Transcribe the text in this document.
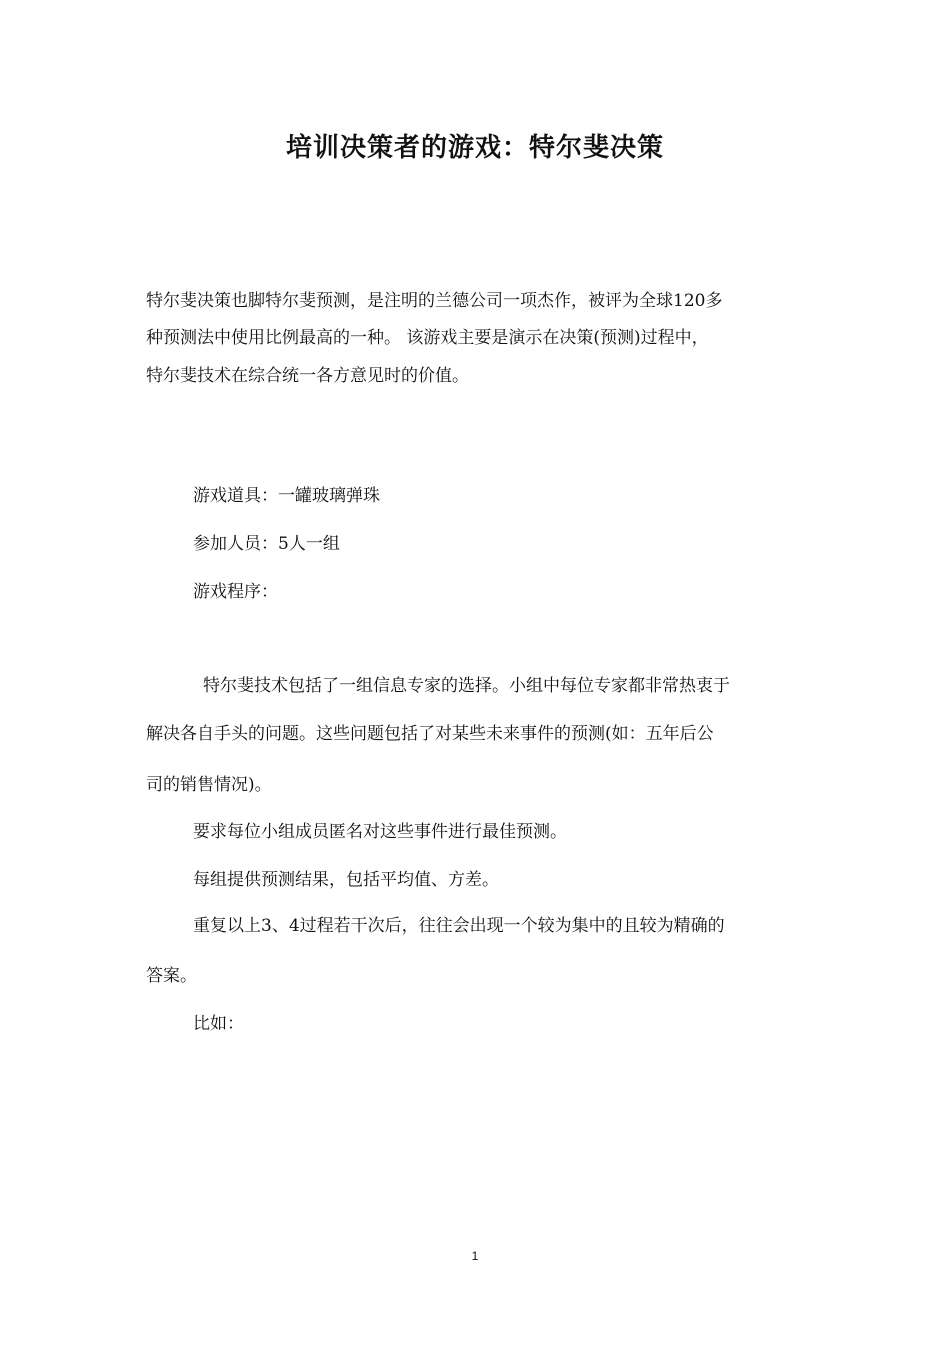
培训决策者的游戏：特尔斐决策
特尔斐决策也脚特尔斐预测，是注明的兰德公司一项杰作，被评为全球120多
种预测法中使用比例最高的一种。 该游戏主要是演示在决策(预测)过程中，
特尔斐技术在综合统一各方意见时的价值。
游戏道具：一罐玻璃弹珠
参加人员：5人一组
游戏程序：
特尔斐技术包括了一组信息专家的选择。小组中每位专家都非常热衷于
解决各自手头的问题。这些问题包括了对某些未来事件的预测(如：五年后公
司的销售情况)。
要求每位小组成员匿名对这些事件进行最佳预测。
每组提供预测结果，包括平均值、方差。
重复以上3、4过程若干次后，往往会出现一个较为集中的且较为精确的
答案。
比如：
1
